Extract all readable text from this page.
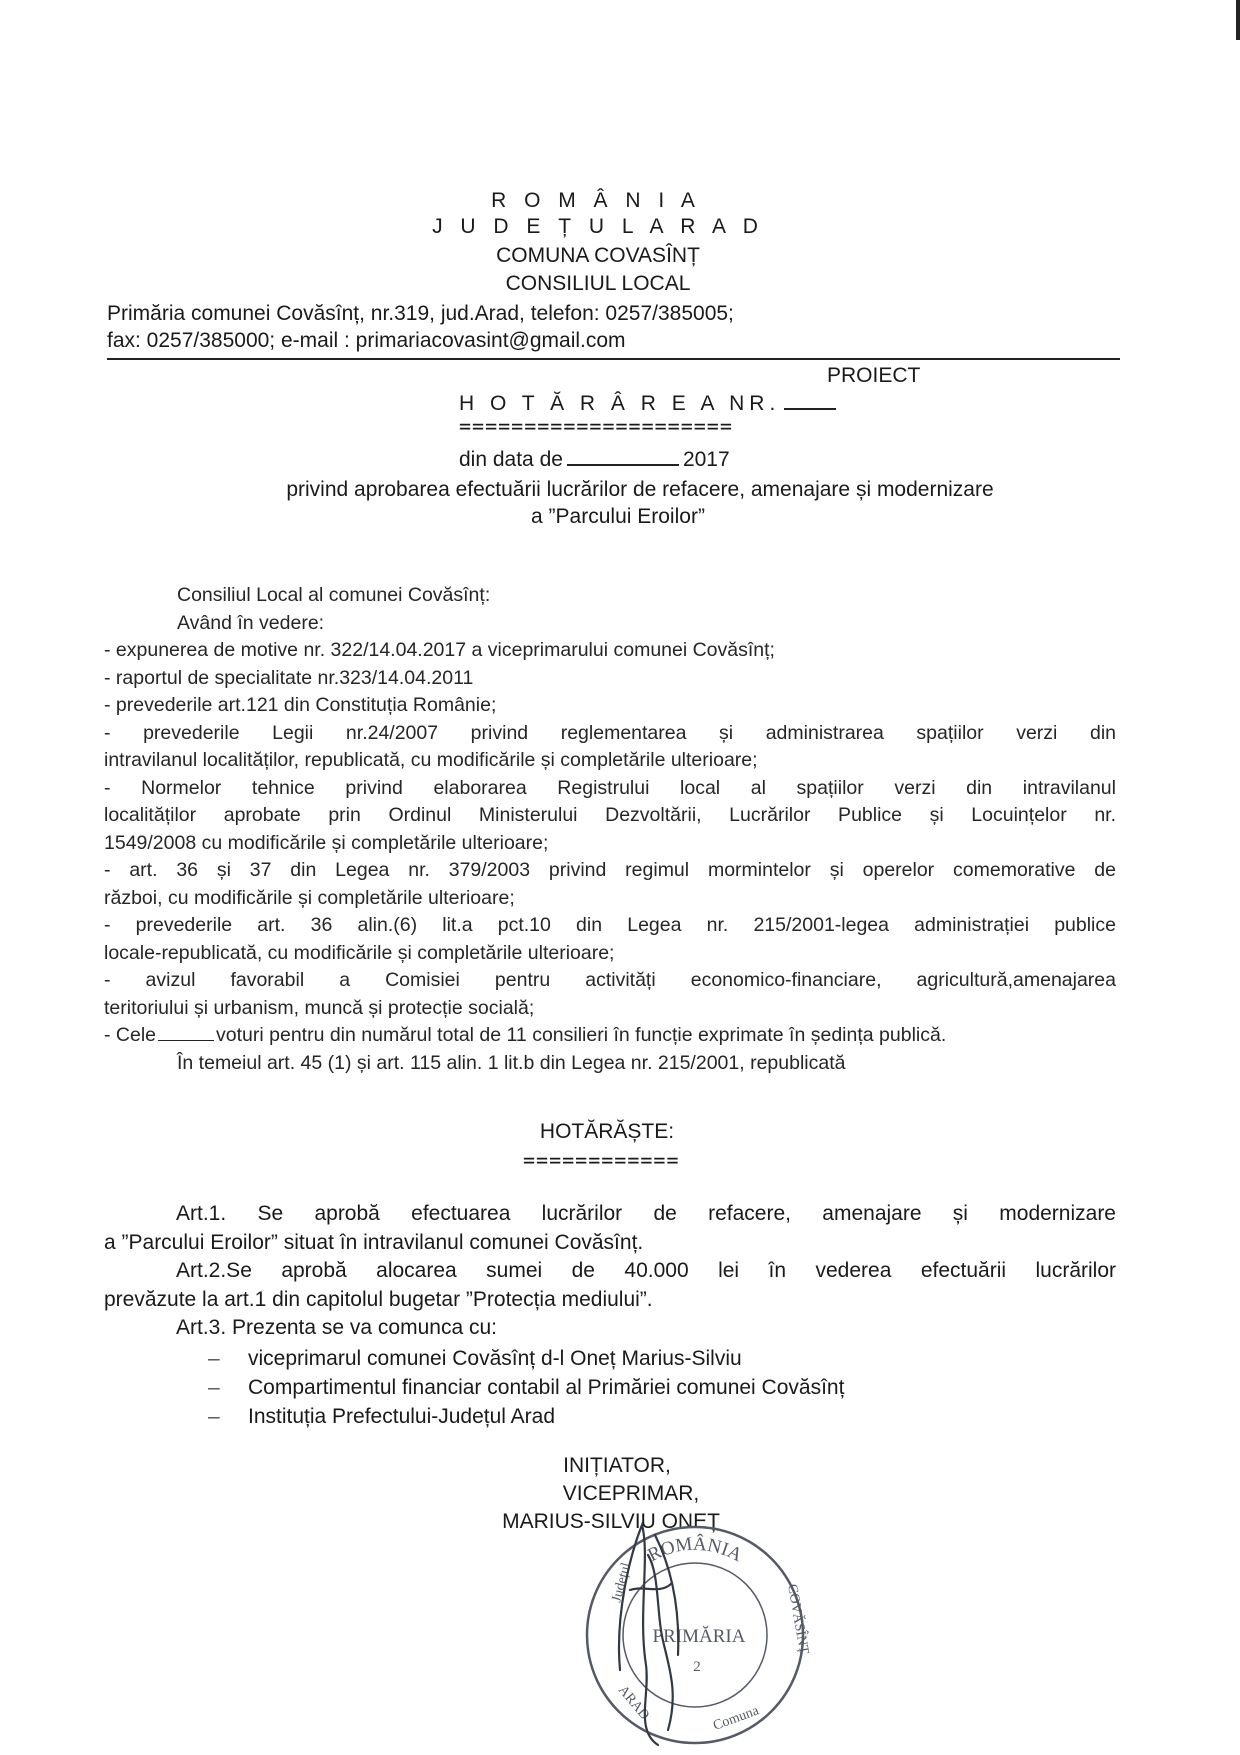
R O M Â N I A
J U D E Ț U L A R A D
COMUNA COVASÎNȚ
CONSILIUL LOCAL
Primăria comunei Covăsînț, nr.319, jud.Arad, telefon: 0257/385005;
fax: 0257/385000; e-mail : primariacovasint@gmail.com
PROIECT
H O T Ă R Â R E A NR.
=====================
din data de	2017
privind aprobarea efectuării lucrărilor de refacere, amenajare și modernizare
a ”Parcului Eroilor”
Consiliul Local al comunei Covăsînț:
Având în vedere:
- expunerea de motive nr. 322/14.04.2017 a viceprimarului comunei Covăsînț;
- raportul de specialitate nr.323/14.04.2011
- prevederile art.121 din Constituția Românie;
- prevederile Legii nr.24/2007 privind reglementarea și administrarea spațiilor verzi din
intravilanul localităților, republicată, cu modificările și completările ulterioare;
- Normelor tehnice privind elaborarea Registrului local al spațiilor verzi din intravilanul
localităților aprobate prin Ordinul Ministerului Dezvoltării, Lucrărilor Publice și Locuințelor nr.
1549/2008 cu modificările și completările ulterioare;
- art. 36 și 37 din Legea nr. 379/2003 privind regimul mormintelor și operelor comemorative de
război, cu modificările și completările ulterioare;
- prevederile art. 36 alin.(6) lit.a pct.10 din Legea nr. 215/2001-legea administrației publice
locale-republicată, cu modificările și completările ulterioare;
- avizul favorabil a Comisiei pentru activități economico-financiare, agricultură,amenajarea
teritoriului și urbanism, muncă și protecție socială;
- Cele	voturi pentru din numărul total de 11 consilieri în funcție exprimate în ședința publică.
În temeiul art. 45 (1) și art. 115 alin. 1 lit.b din Legea nr. 215/2001, republicată
HOTĂRĂȘTE:
============
Art.1. Se aprobă efectuarea lucrărilor de refacere, amenajare și modernizare
a ”Parcului Eroilor” situat în intravilanul comunei Covăsînț.
Art.2.Se aprobă alocarea sumei de 40.000 lei în vederea efectuării lucrărilor
prevăzute la art.1 din capitolul bugetar ”Protecția mediului”.
Art.3. Prezenta se va comunca cu:
– viceprimarul comunei Covăsînț d-l Oneț Marius-Silviu
– Compartimentul financiar contabil al Primăriei comunei Covăsînț
– Instituția Prefectului-Județul Arad
INIȚIATOR,
VICEPRIMAR,
MARIUS-SILVIU ONEȚ
ROMÂNIA
Județul
COVĂSÎNȚ
ARAD	Comuna
PRIMĂRIA
2
